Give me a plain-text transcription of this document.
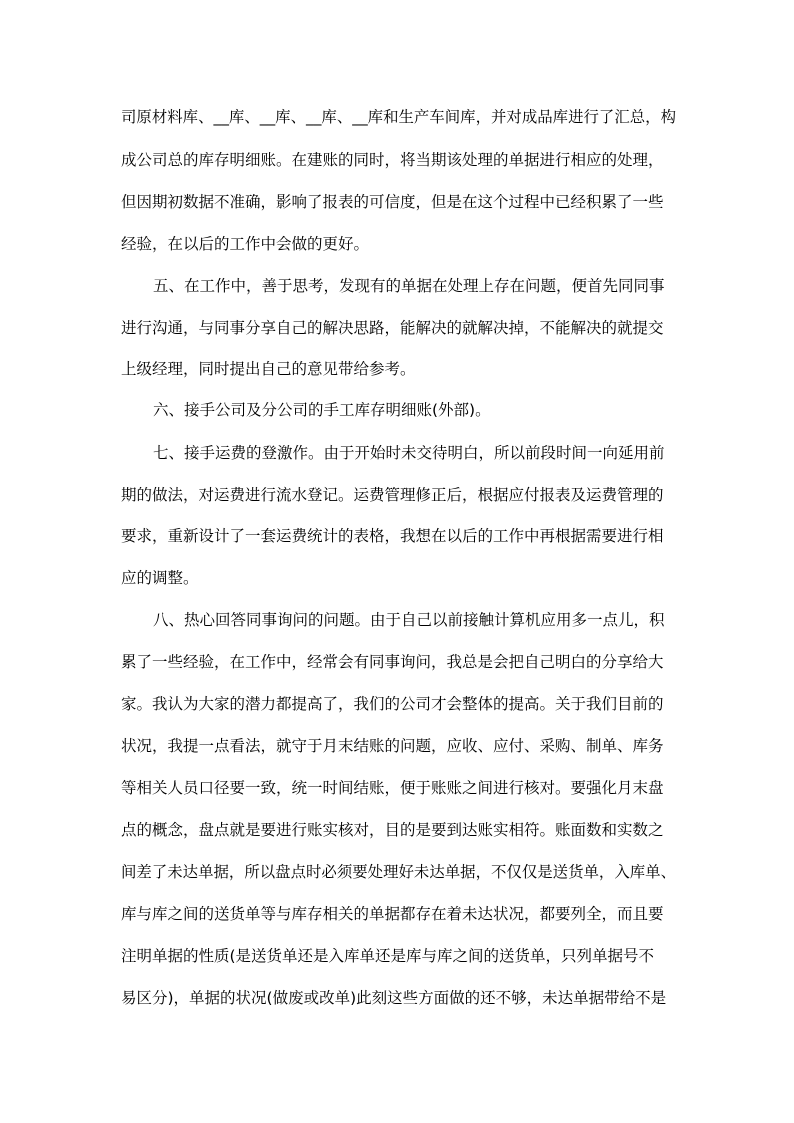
司原材料库、__库、__库、__库、__库和生产车间库，并对成品库进行了汇总，构
成公司总的库存明细账。在建账的同时，将当期该处理的单据进行相应的处理，
但因期初数据不准确，影响了报表的可信度，但是在这个过程中已经积累了一些
经验，在以后的工作中会做的更好。
五、在工作中，善于思考，发现有的单据在处理上存在问题，便首先同同事
进行沟通，与同事分享自己的解决思路，能解决的就解决掉，不能解决的就提交
上级经理，同时提出自己的意见带给参考。
六、接手公司及分公司的手工库存明细账(外部)。
七、接手运费的登激作。由于开始时未交待明白，所以前段时间一向延用前
期的做法，对运费进行流水登记。运费管理修正后，根据应付报表及运费管理的
要求，重新设计了一套运费统计的表格，我想在以后的工作中再根据需要进行相
应的调整。
八、热心回答同事询问的问题。由于自己以前接触计算机应用多一点儿，积
累了一些经验，在工作中，经常会有同事询问，我总是会把自己明白的分享给大
家。我认为大家的潜力都提高了，我们的公司才会整体的提高。关于我们目前的
状况，我提一点看法，就守于月末结账的问题，应收、应付、采购、制单、库务
等相关人员口径要一致，统一时间结账，便于账账之间进行核对。要强化月末盘
点的概念，盘点就是要进行账实核对，目的是要到达账实相符。账面数和实数之
间差了未达单据，所以盘点时必须要处理好未达单据，不仅仅是送货单，入库单、
库与库之间的送货单等与库存相关的单据都存在着未达状况，都要列全，而且要
注明单据的性质(是送货单还是入库单还是库与库之间的送货单，只列单据号不
易区分)，单据的状况(做废或改单)此刻这些方面做的还不够，未达单据带给不是
